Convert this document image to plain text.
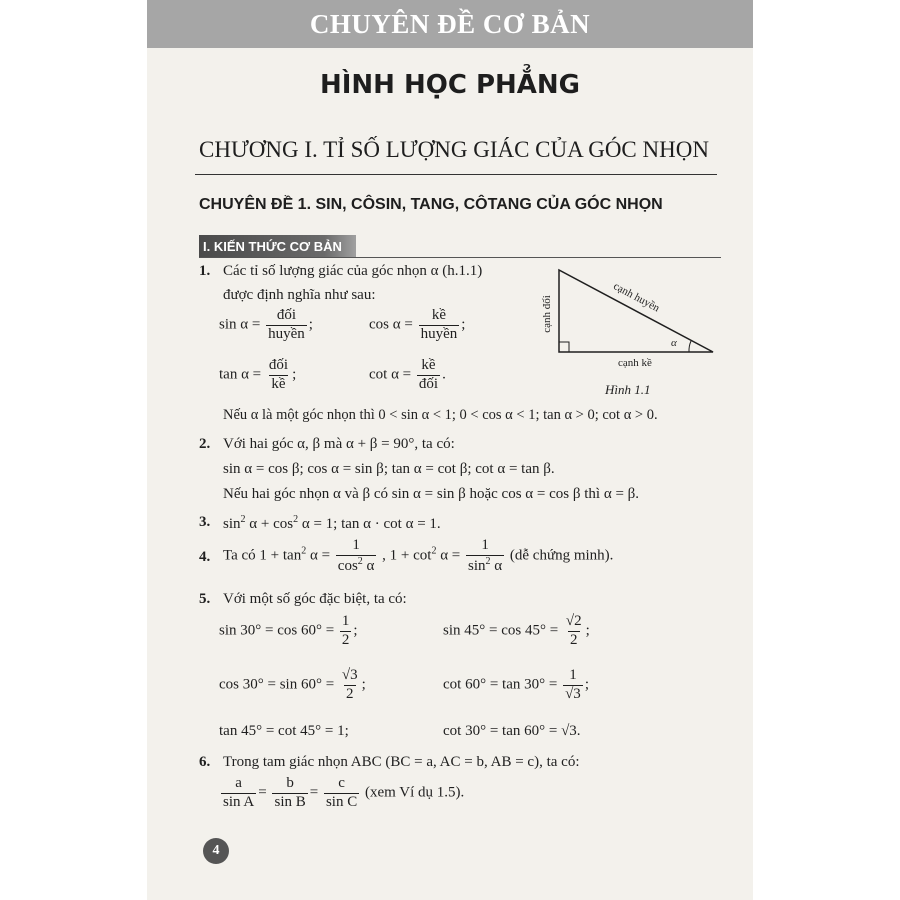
CHUYÊN ĐỀ CƠ BẢN
HÌNH HỌC PHẲNG
CHƯƠNG I. TỈ SỐ LƯỢNG GIÁC CỦA GÓC NHỌN
CHUYÊN ĐỀ 1. SIN, CÔSIN, TANG, CÔTANG CỦA GÓC NHỌN
I. KIẾN THỨC CƠ BẢN
1. Các tỉ số lượng giác của góc nhọn α (h.1.1)
được định nghĩa như sau:
$\sin \alpha = \frac{\text{đối}}{\text{huyền}}$ ;	$\cos \alpha = \frac{\text{kề}}{\text{huyền}}$ ;
$\tan \alpha = \frac{\text{đối}}{\text{kề}}$ ;	$\cot \alpha = \frac{\text{kề}}{\text{đối}}$ .
Nếu α là một góc nhọn thì 0 < sin α < 1; 0 < cos α < 1; tan α > 0; cot α > 0.
cạnh đối	cạnh huyền
α
cạnh kề
Hình 1.1
2. Với hai góc α, β mà α + β = 90°, ta có:
sin α = cos β; cos α = sin β; tan α = cot β; cot α = tan β.
Nếu hai góc nhọn α và β có sin α = sin β hoặc cos α = cos β thì α = β.
3. $\sin^2 \alpha + \cos^2 \alpha = 1$; tan α · cot α = 1.
4. Ta có $1 + \tan^2 \alpha = \frac{1}{\cos^2 \alpha}$ , $1 + \cot^2 \alpha = \frac{1}{\sin^2 \alpha}$ (dễ chứng minh).
5. Với một số góc đặc biệt, ta có:
$\sin 30^\circ = \cos 60^\circ = \frac{1}{2}$ ;	$\sin 45^\circ = \cos 45^\circ = \frac{√2}{2}$ ;
$\cos 30^\circ = \sin 60^\circ = \frac{√3}{2}$ ;	$\cot 60^\circ = \tan 30^\circ = \frac{1}{√3}$ ;
tan 45° = cot 45° = 1;	cot 30° = tan 60° = √3.
6. Trong tam giác nhọn ABC (BC = a, AC = b, AB = c), ta có:
$\frac{a}{\text{sin A}} = \frac{b}{\text{sin B}} = \frac{c}{\text{sin C}} (xem$ Ví dụ 1.5).
4
